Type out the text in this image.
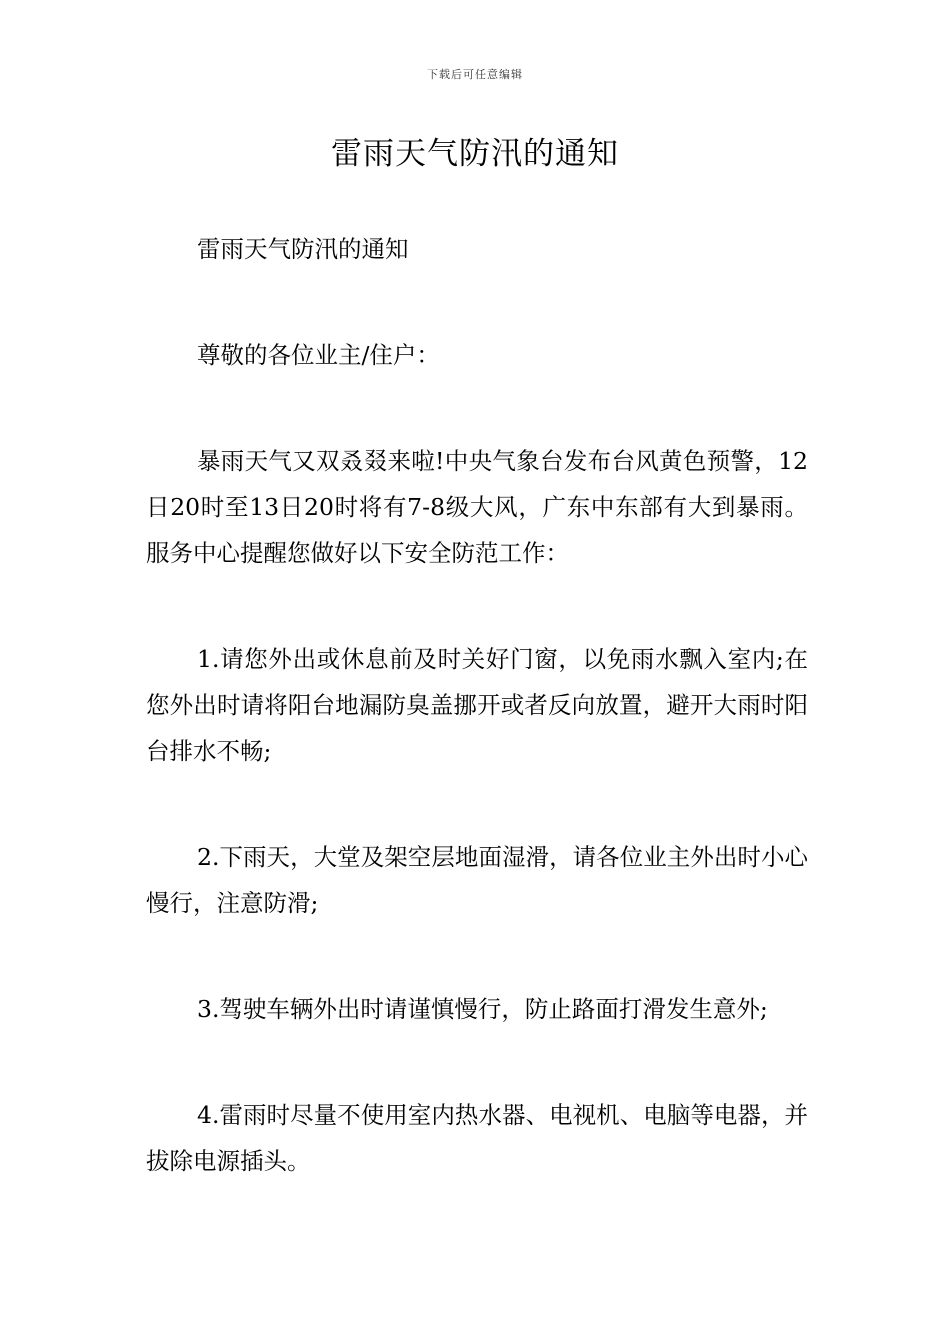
下载后可任意编辑
雷雨天气防汛的通知

雷雨天气防汛的通知

尊敬的各位业主/住户：

暴雨天气又双叒叕来啦!中央气象台发布台风黄色预警，12日20时至13日20时将有7-8级大风，广东中东部有大到暴雨。服务中心提醒您做好以下安全防范工作：

1.请您外出或休息前及时关好门窗，以免雨水飘入室内;在您外出时请将阳台地漏防臭盖挪开或者反向放置，避开大雨时阳台排水不畅;

2.下雨天，大堂及架空层地面湿滑，请各位业主外出时小心慢行，注意防滑;

3.驾驶车辆外出时请谨慎慢行，防止路面打滑发生意外;

4.雷雨时尽量不使用室内热水器、电视机、电脑等电器，并拔除电源插头。
